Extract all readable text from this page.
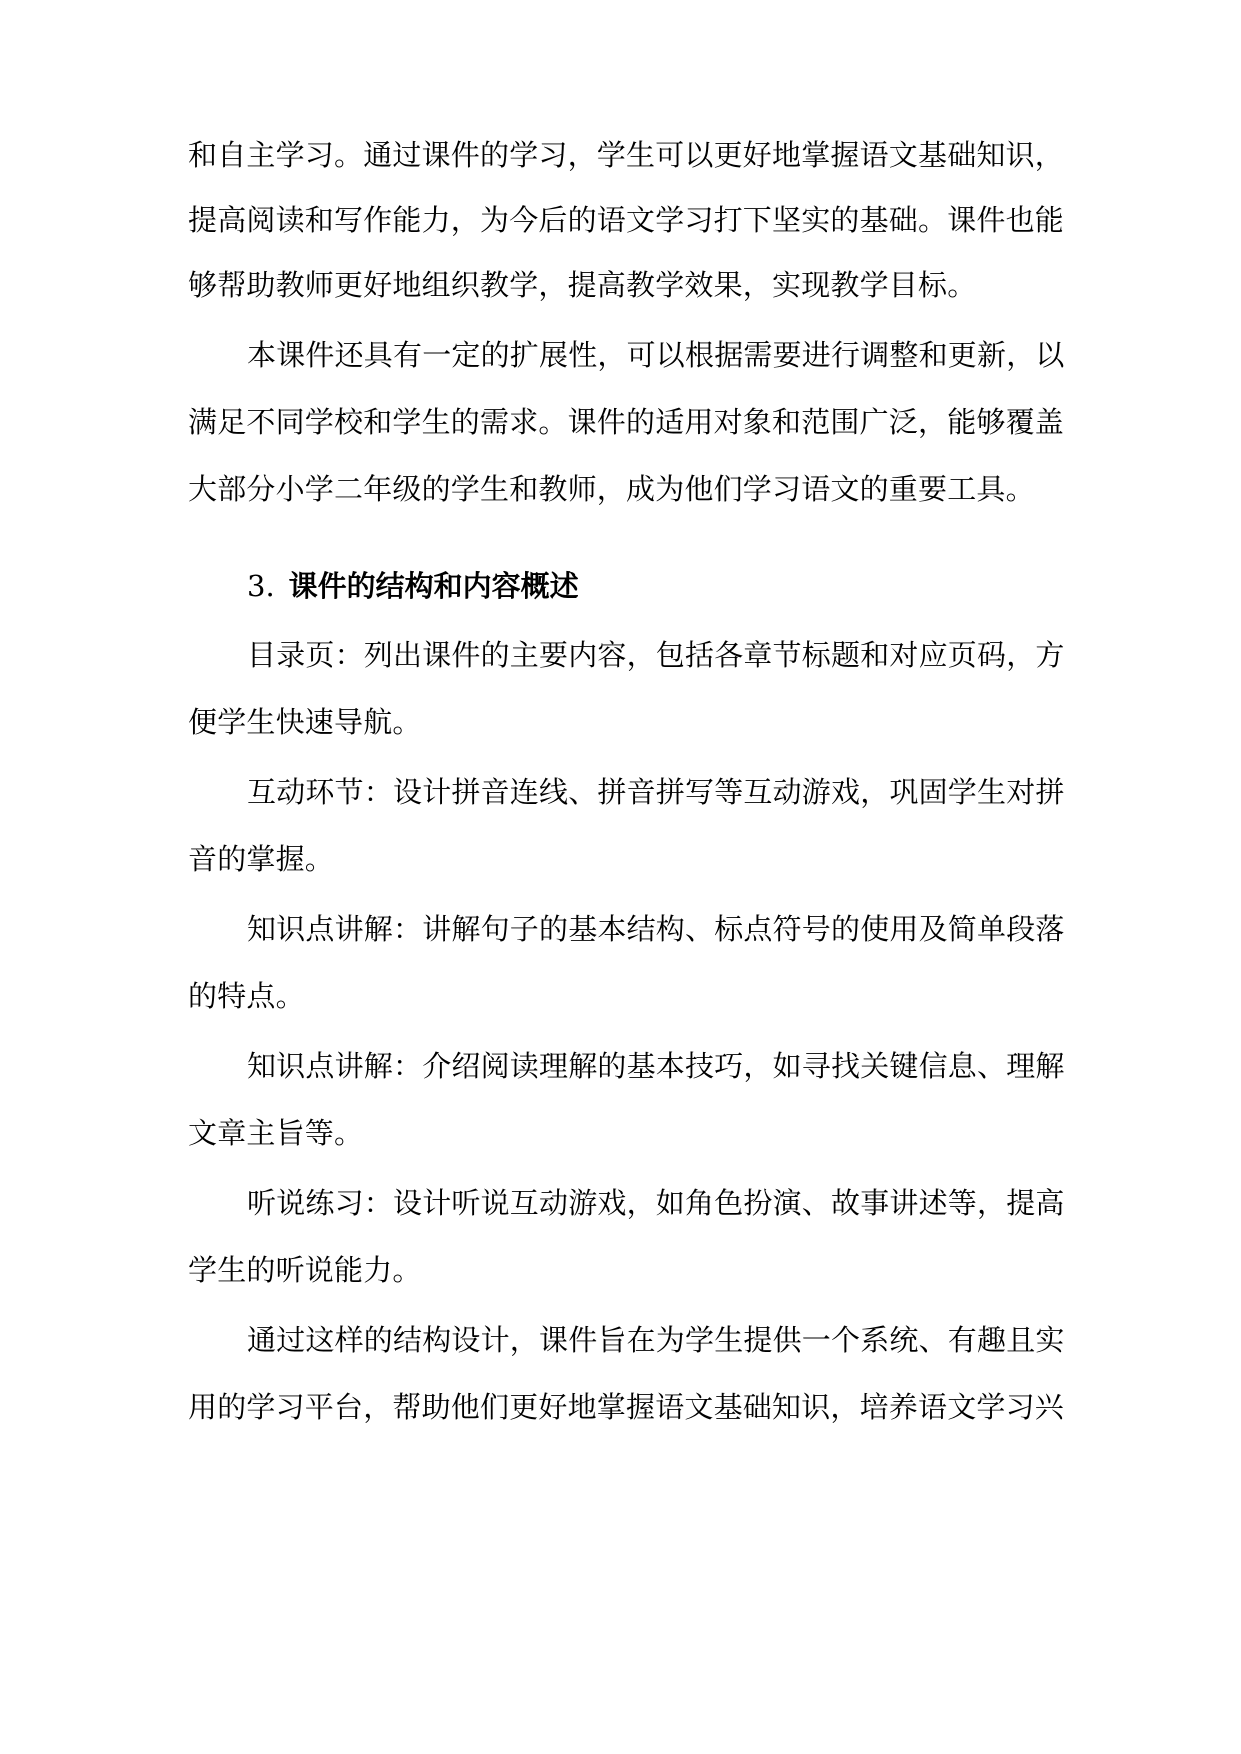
和自主学习。通过课件的学习，学生可以更好地掌握语文基础知识，
提高阅读和写作能力，为今后的语文学习打下坚实的基础。课件也能
够帮助教师更好地组织教学，提高教学效果，实现教学目标。
本课件还具有一定的扩展性，可以根据需要进行调整和更新，以
满足不同学校和学生的需求。课件的适用对象和范围广泛，能够覆盖
大部分小学二年级的学生和教师，成为他们学习语文的重要工具。
3. 课件的结构和内容概述
目录页：列出课件的主要内容，包括各章节标题和对应页码，方
便学生快速导航。
互动环节：设计拼音连线、拼音拼写等互动游戏，巩固学生对拼
音的掌握。
知识点讲解：讲解句子的基本结构、标点符号的使用及简单段落
的特点。
知识点讲解：介绍阅读理解的基本技巧，如寻找关键信息、理解
文章主旨等。
听说练习：设计听说互动游戏，如角色扮演、故事讲述等，提高
学生的听说能力。
通过这样的结构设计，课件旨在为学生提供一个系统、有趣且实
用的学习平台，帮助他们更好地掌握语文基础知识，培养语文学习兴
